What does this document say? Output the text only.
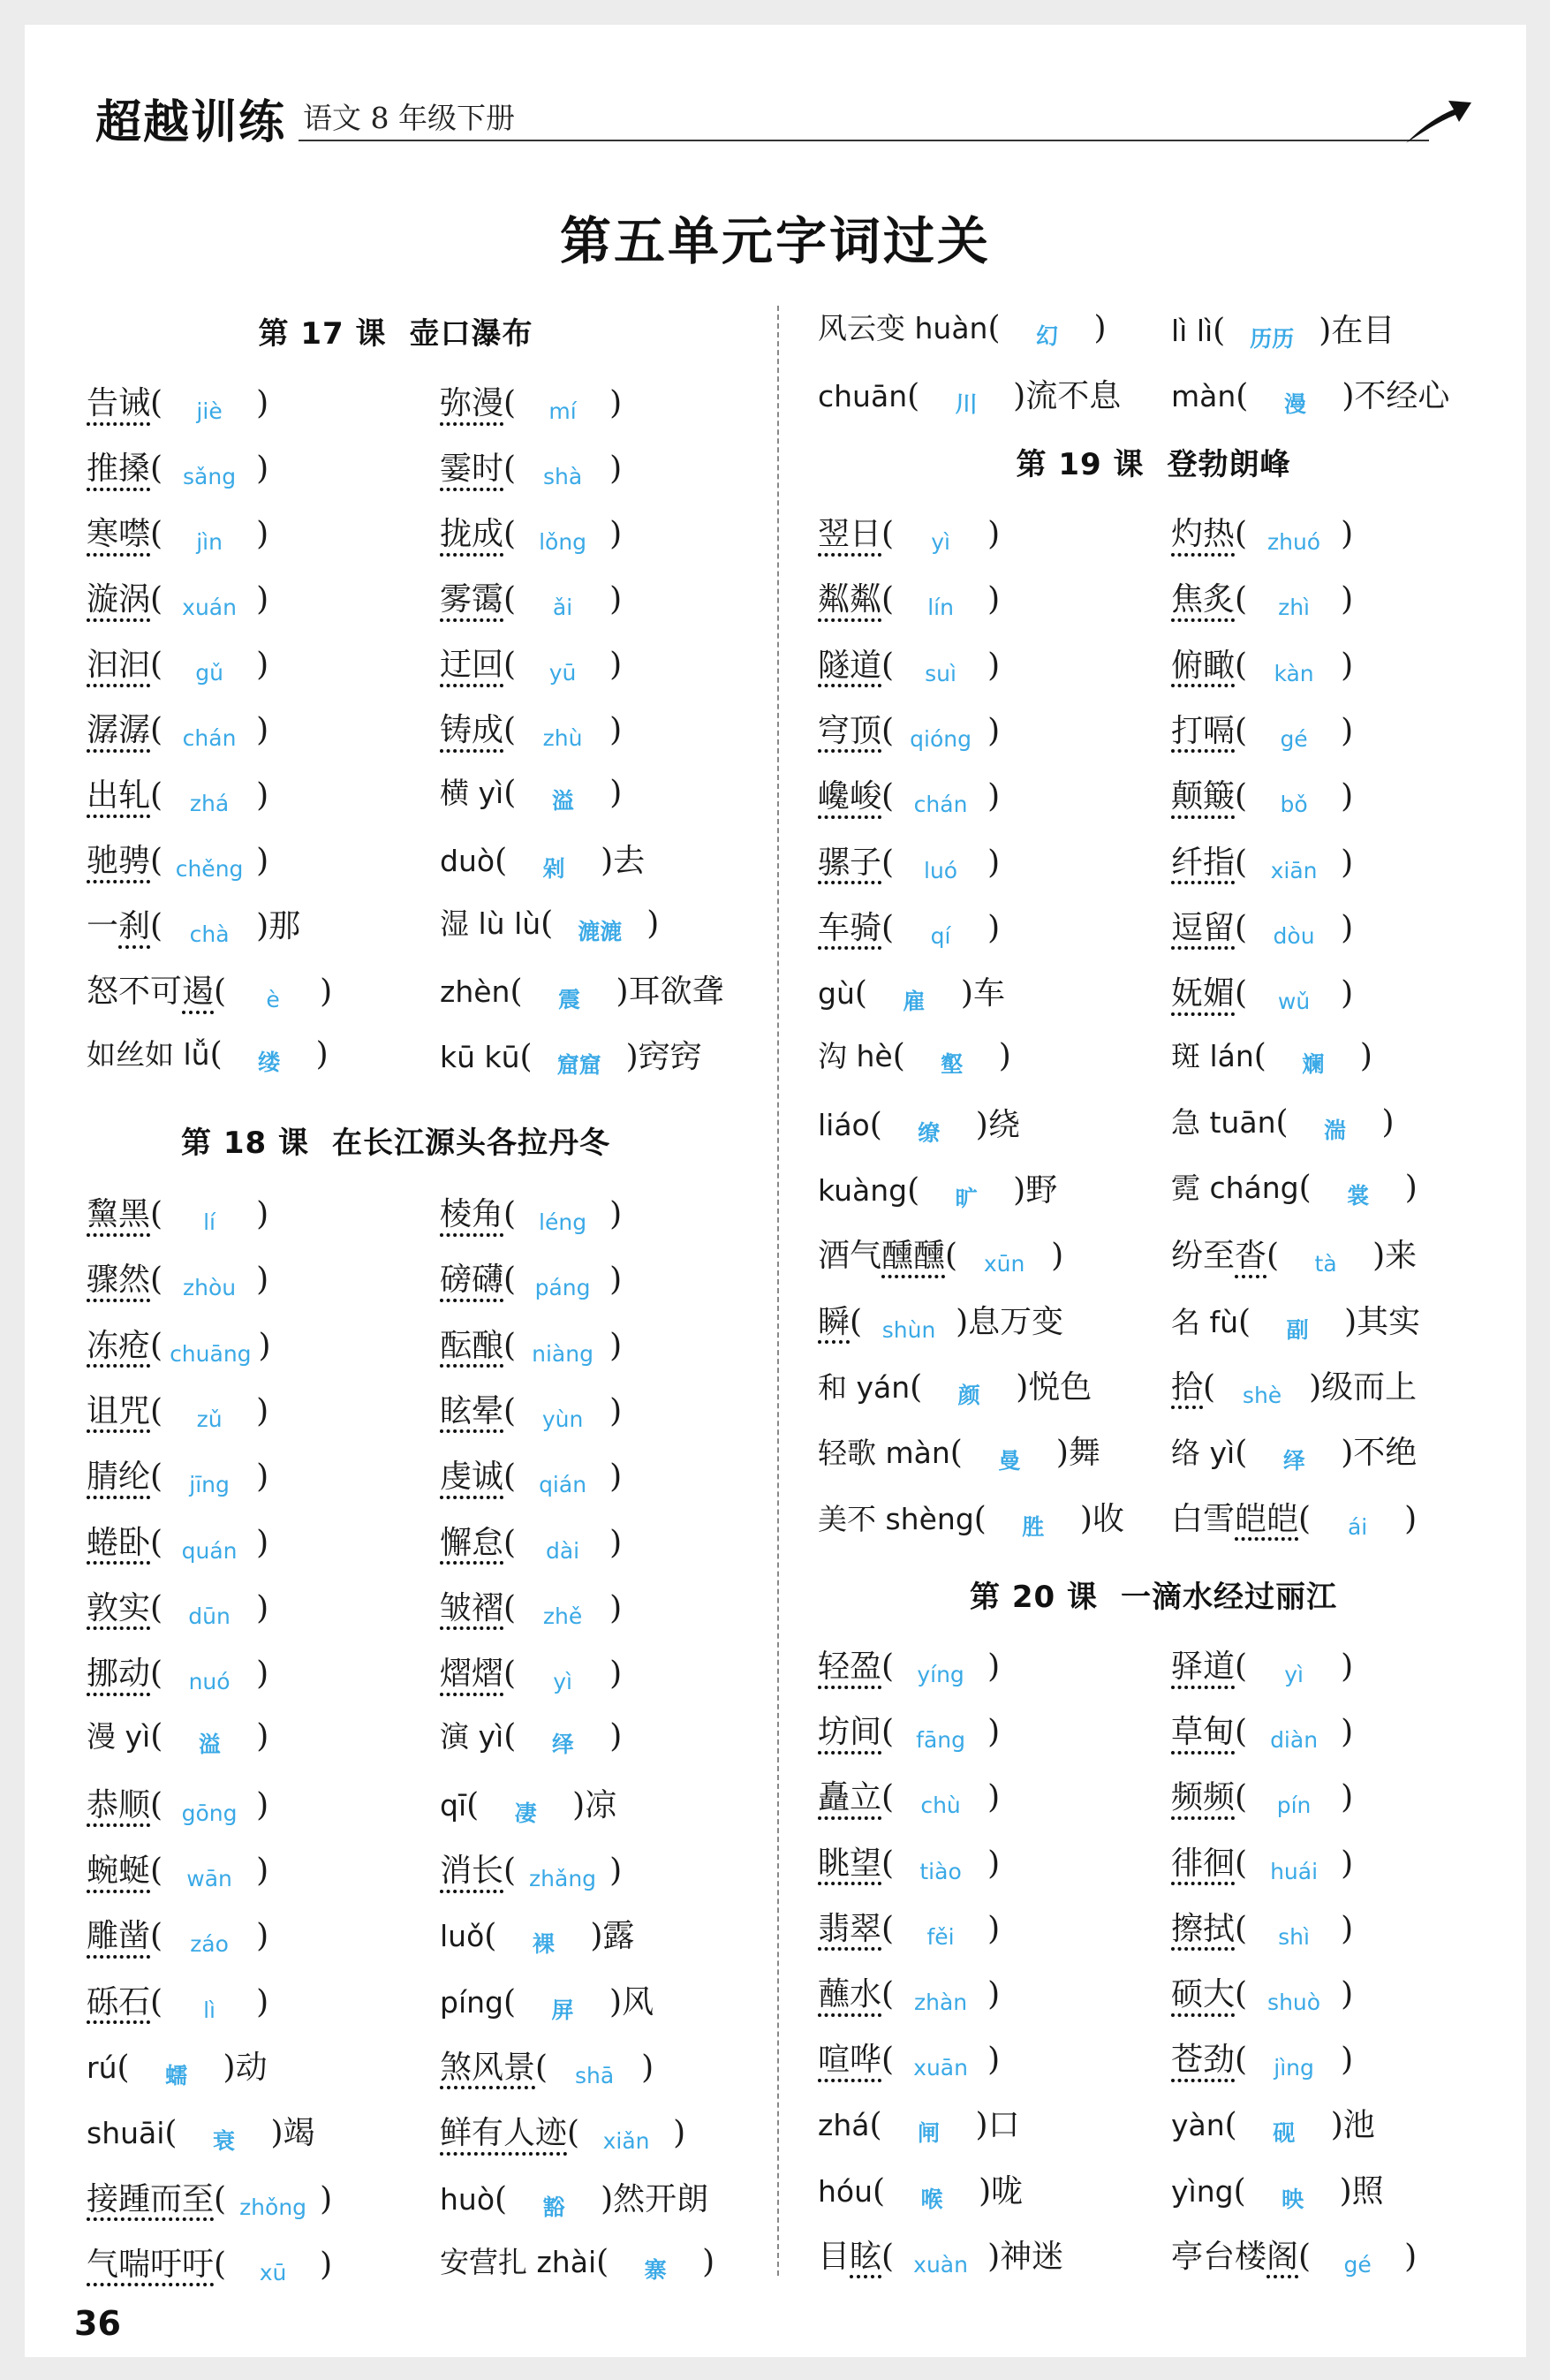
超越训练 语文 8 年级下册
第五单元字词过关
第 17 课 壶口瀑布
第 18 课 在长江源头各拉丹冬
第 19 课 登勃朗峰
第 20 课 一滴水经过丽江
告诫( jiè )	弥漫( mí )
推搡( sǎng )	霎时( shà )
寒噤( jìn )	拢成( lǒng )
漩涡( xuán )	雾霭( ǎi )
汩汩( gǔ )	迂回( yū )
潺潺( chán )	铸成( zhù )
出轧( zhá )	横 yì( 溢 )
驰骋( chěng )	duò( 剁 )去
一刹( chà )那	湿 lù lù( 漉漉 )
怒不可遏( è )	zhèn( 震 )耳欲聋
如丝如 lǚ( 缕 )	kū kū( 窟窟 )窍窍
黧黑( lí )	棱角( léng )
骤然( zhòu )	磅礴( páng )
冻疮( chuāng )	酝酿( niàng )
诅咒( zǔ )	眩晕( yùn )
腈纶( jīng )	虔诚( qián )
蜷卧( quán )	懈怠( dài )
敦实( dūn )	皱褶( zhě )
挪动( nuó )	熠熠( yì )
漫 yì( 溢 )	演 yì( 绎 )
恭顺( gōng )	qī( 凄 )凉
蜿蜒( wān )	消长( zhǎng )
雕凿( záo )	luǒ( 裸 )露
砾石( lì )	píng( 屏 )风
rú( 蠕 )动	煞风景( shā )
shuāi( 衰 )竭	鲜有人迹( xiǎn )
接踵而至( zhǒng )	huò( 豁 )然开朗
气喘吁吁( xū )	安营扎 zhài( 寨 )
风云变 huàn( 幻 ) lì lì( 历历 )在目
chuān( 川 )流不息 màn( 漫 )不经心
翌日( yì )	灼热( zhuó )
粼粼( lín )	焦炙( zhì )
隧道( suì )	俯瞰( kàn )
穹顶( qióng )	打嗝( gé )
巉峻( chán )	颠簸( bǒ )
骡子( luó )	纤指( xiān )
车骑( qí )	逗留( dòu )
gù( 雇 )车	妩媚( wǔ )
沟 hè( 壑 )	斑 lán( 斓 )
liáo( 缭 )绕	急 tuān( 湍 )
kuàng( 旷 )野	霓 cháng( 裳 )
酒气醺醺( xūn )	纷至沓( tà )来
瞬( shùn )息万变	名 fù( 副 )其实
和 yán( 颜 )悦色 拾( shè )级而上
轻歌 màn( 曼 )舞 络 yì( 绎 )不绝
美不 shèng( 胜 )收 白雪皑皑( ái )
轻盈( yíng )	驿道( yì )
坊间( fāng )	草甸( diàn )
矗立( chù )	频频( pín )
眺望( tiào )	徘徊( huái )
翡翠( fěi )	擦拭( shì )
蘸水( zhàn )	硕大( shuò )
喧哗( xuān )	苍劲( jìng )
zhá( 闸 )口	yàn( 砚 )池
hóu( 喉 )咙	yìng( 映 )照
目眩( xuàn )神迷	亭台楼阁( gé )
36
